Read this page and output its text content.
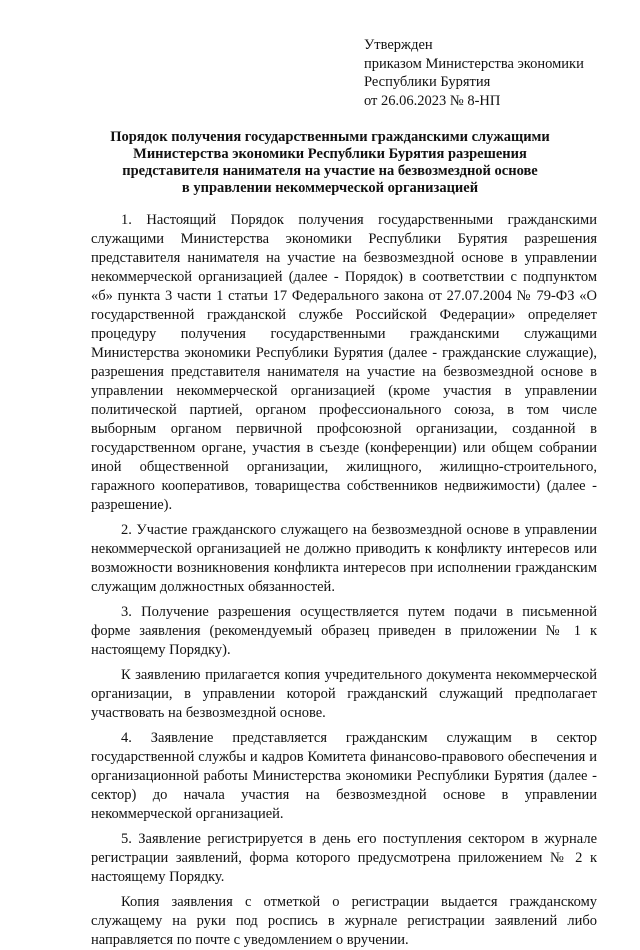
Утвержден
приказом Министерства экономики
Республики Бурятия
от 26.06.2023 № 8-НП
Порядок получения государственными гражданскими служащими
Министерства экономики Республики Бурятия разрешения
представителя нанимателя на участие на безвозмездной основе
в управлении некоммерческой организацией

1. Настоящий Порядок получения государственными гражданскими служащими Министерства экономики Республики Бурятия разрешения представителя нанимателя на участие на безвозмездной основе в управлении некоммерческой организацией (далее - Порядок) в соответствии с подпунктом «б» пункта 3 части 1 статьи 17 Федерального закона от 27.07.2004 № 79-ФЗ «О государственной гражданской службе Российской Федерации» определяет процедуру получения государственными гражданскими служащими Министерства экономики Республики Бурятия (далее - гражданские служащие), разрешения представителя нанимателя на участие на безвозмездной основе в управлении некоммерческой организацией (кроме участия в управлении политической партией, органом профессионального союза, в том числе выборным органом первичной профсоюзной организации, созданной в государственном органе, участия в съезде (конференции) или общем собрании иной общественной организации, жилищного, жилищно-строительного, гаражного кооперативов, товарищества собственников недвижимости) (далее - разрешение).

2. Участие гражданского служащего на безвозмездной основе в управлении некоммерческой организацией не должно приводить к конфликту интересов или возможности возникновения конфликта интересов при исполнении гражданским служащим должностных обязанностей.

3. Получение разрешения осуществляется путем подачи в письменной форме заявления (рекомендуемый образец приведен в приложении № 1 к настоящему Порядку).

К заявлению прилагается копия учредительного документа некоммерческой организации, в управлении которой гражданский служащий предполагает участвовать на безвозмездной основе.

4. Заявление представляется гражданским служащим в сектор государственной службы и кадров Комитета финансово-правового обеспечения и организационной работы Министерства экономики Республики Бурятия (далее - сектор) до начала участия на безвозмездной основе в управлении некоммерческой организацией.

5. Заявление регистрируется в день его поступления сектором в журнале регистрации заявлений, форма которого предусмотрена приложением № 2 к настоящему Порядку.

Копия заявления с отметкой о регистрации выдается гражданскому служащему на руки под роспись в журнале регистрации заявлений либо направляется по почте с уведомлением о вручении.
